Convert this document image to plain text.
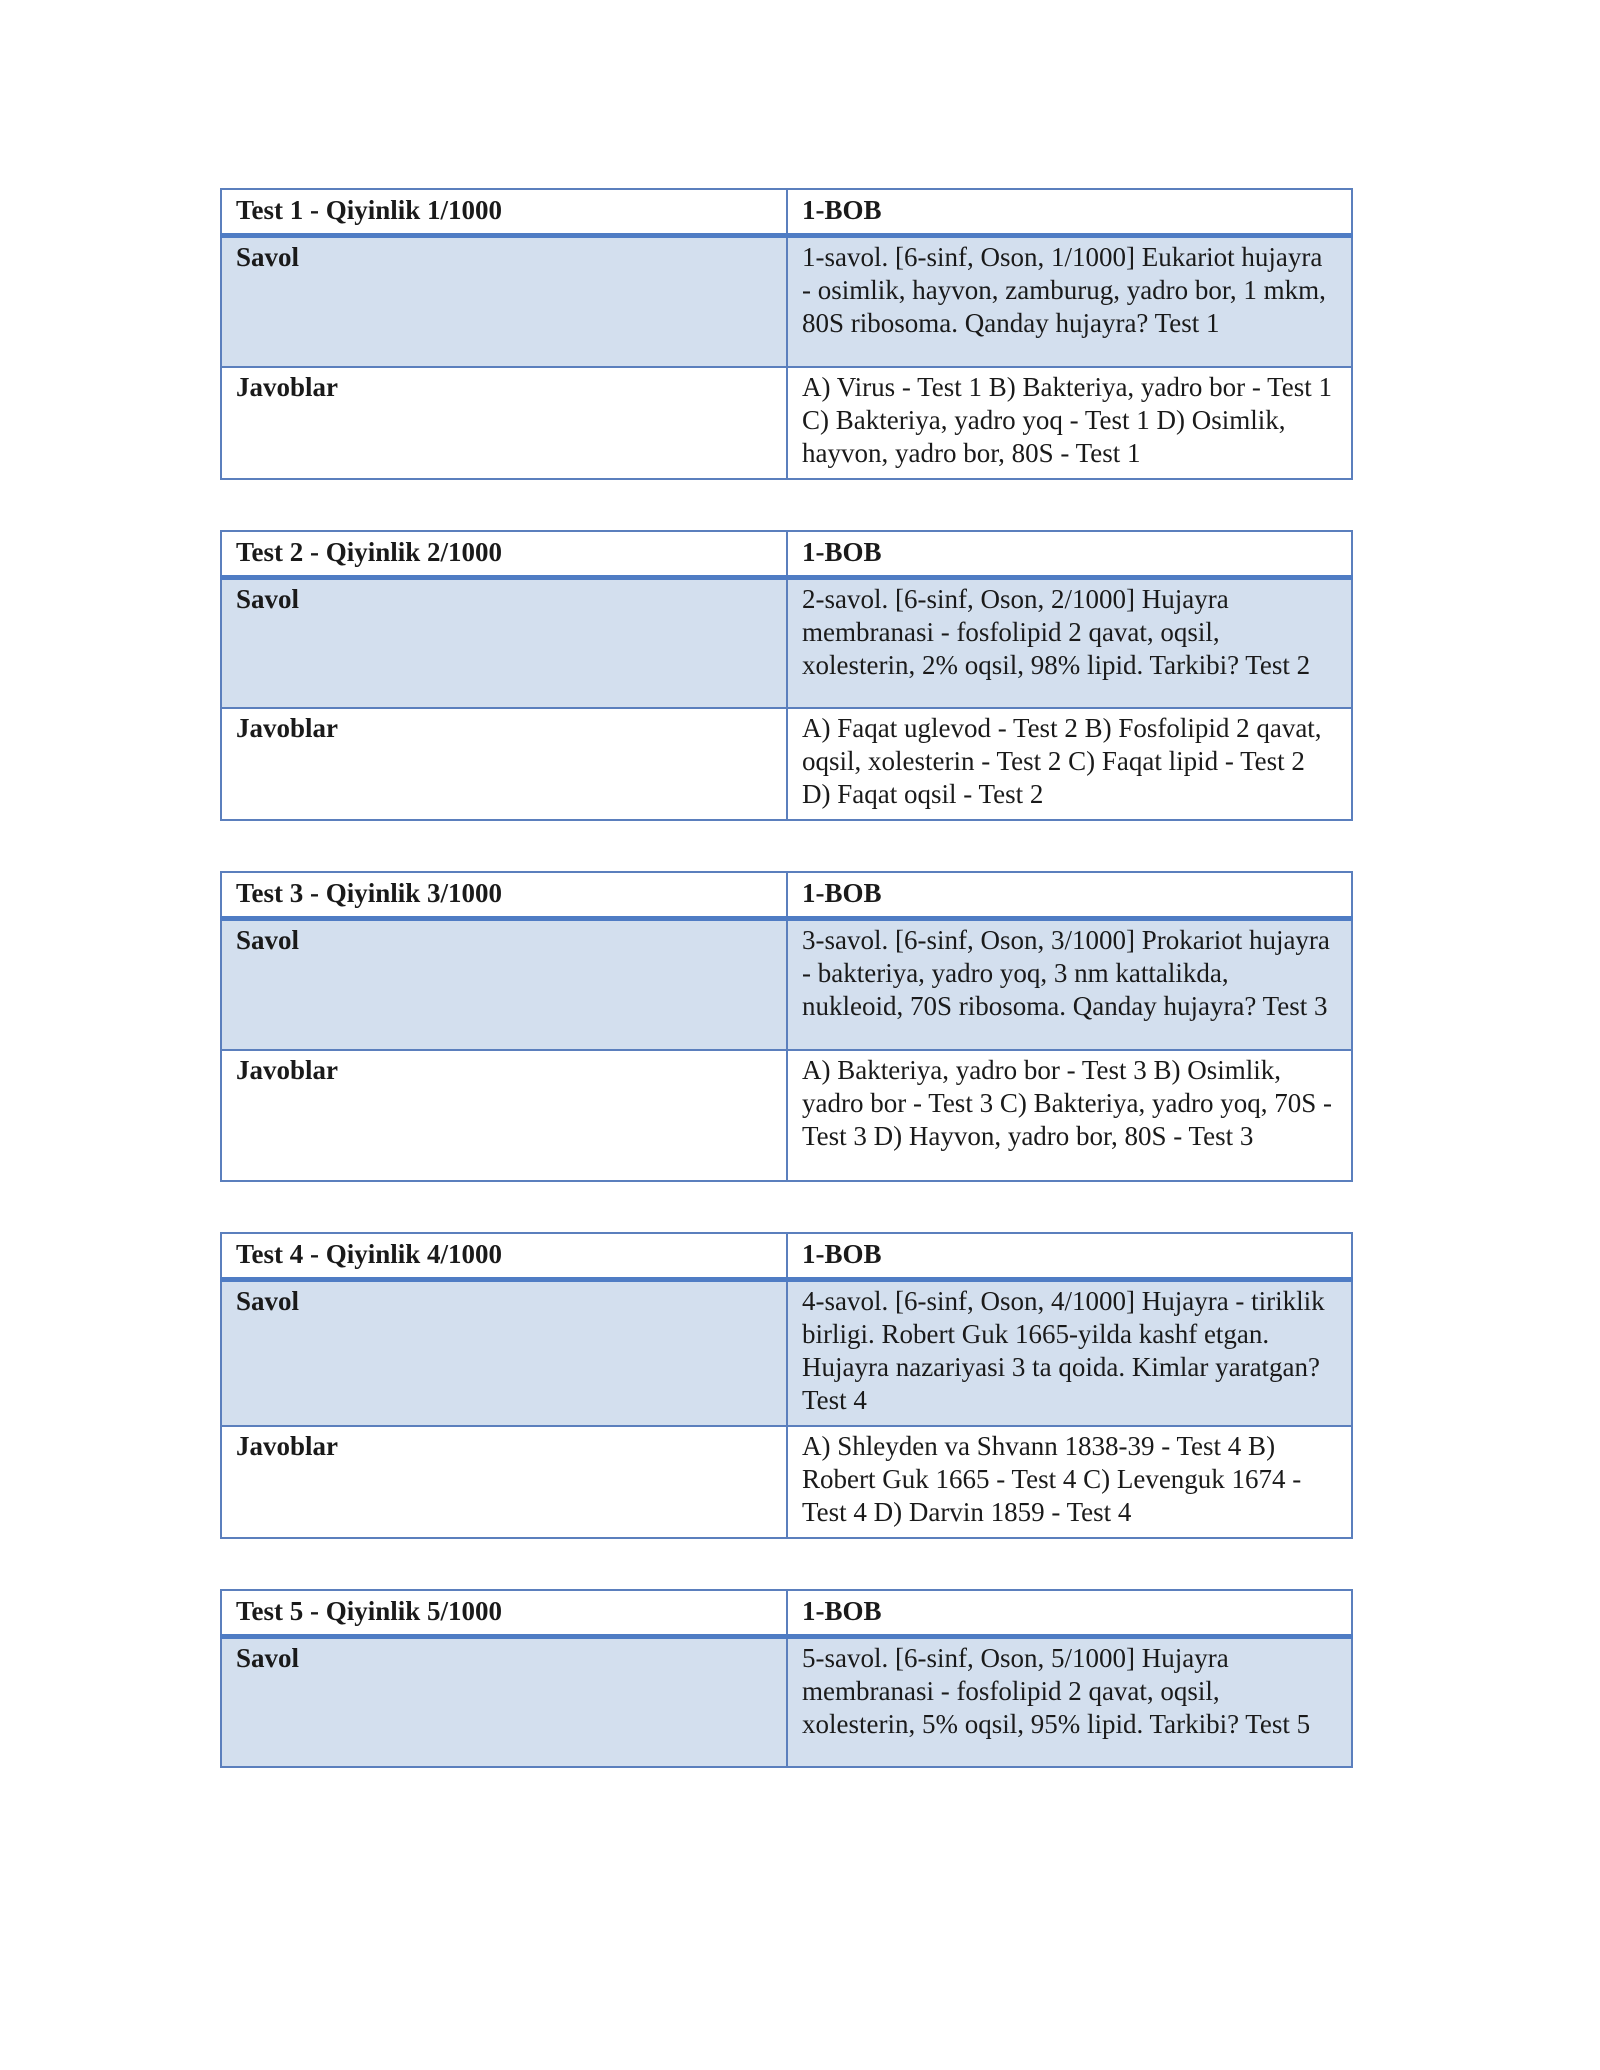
Test 1 - Qiyinlik 1/1000	1-BOB
Savol	1-savol. [6-sinf, Oson, 1/1000] Eukariot hujayra - osimlik, hayvon, zamburug, yadro bor, 1 mkm, 80S ribosoma. Qanday hujayra? Test 1
Javoblar	A) Virus - Test 1 B) Bakteriya, yadro bor - Test 1 C) Bakteriya, yadro yoq - Test 1 D) Osimlik, hayvon, yadro bor, 80S - Test 1
Test 2 - Qiyinlik 2/1000	1-BOB
Savol	2-savol. [6-sinf, Oson, 2/1000] Hujayra membranasi - fosfolipid 2 qavat, oqsil, xolesterin, 2% oqsil, 98% lipid. Tarkibi? Test 2
Javoblar	A) Faqat uglevod - Test 2 B) Fosfolipid 2 qavat, oqsil, xolesterin - Test 2 C) Faqat lipid - Test 2 D) Faqat oqsil - Test 2
Test 3 - Qiyinlik 3/1000	1-BOB
Savol	3-savol. [6-sinf, Oson, 3/1000] Prokariot hujayra - bakteriya, yadro yoq, 3 nm kattalikda, nukleoid, 70S ribosoma. Qanday hujayra? Test 3
Javoblar	A) Bakteriya, yadro bor - Test 3 B) Osimlik, yadro bor - Test 3 C) Bakteriya, yadro yoq, 70S - Test 3 D) Hayvon, yadro bor, 80S - Test 3
Test 4 - Qiyinlik 4/1000	1-BOB
Savol	4-savol. [6-sinf, Oson, 4/1000] Hujayra - tiriklik birligi. Robert Guk 1665-yilda kashf etgan. Hujayra nazariyasi 3 ta qoida. Kimlar yaratgan? Test 4
Javoblar	A) Shleyden va Shvann 1838-39 - Test 4 B) Robert Guk 1665 - Test 4 C) Levenguk 1674 - Test 4 D) Darvin 1859 - Test 4
Test 5 - Qiyinlik 5/1000	1-BOB
Savol	5-savol. [6-sinf, Oson, 5/1000] Hujayra membranasi - fosfolipid 2 qavat, oqsil, xolesterin, 5% oqsil, 95% lipid. Tarkibi? Test 5
